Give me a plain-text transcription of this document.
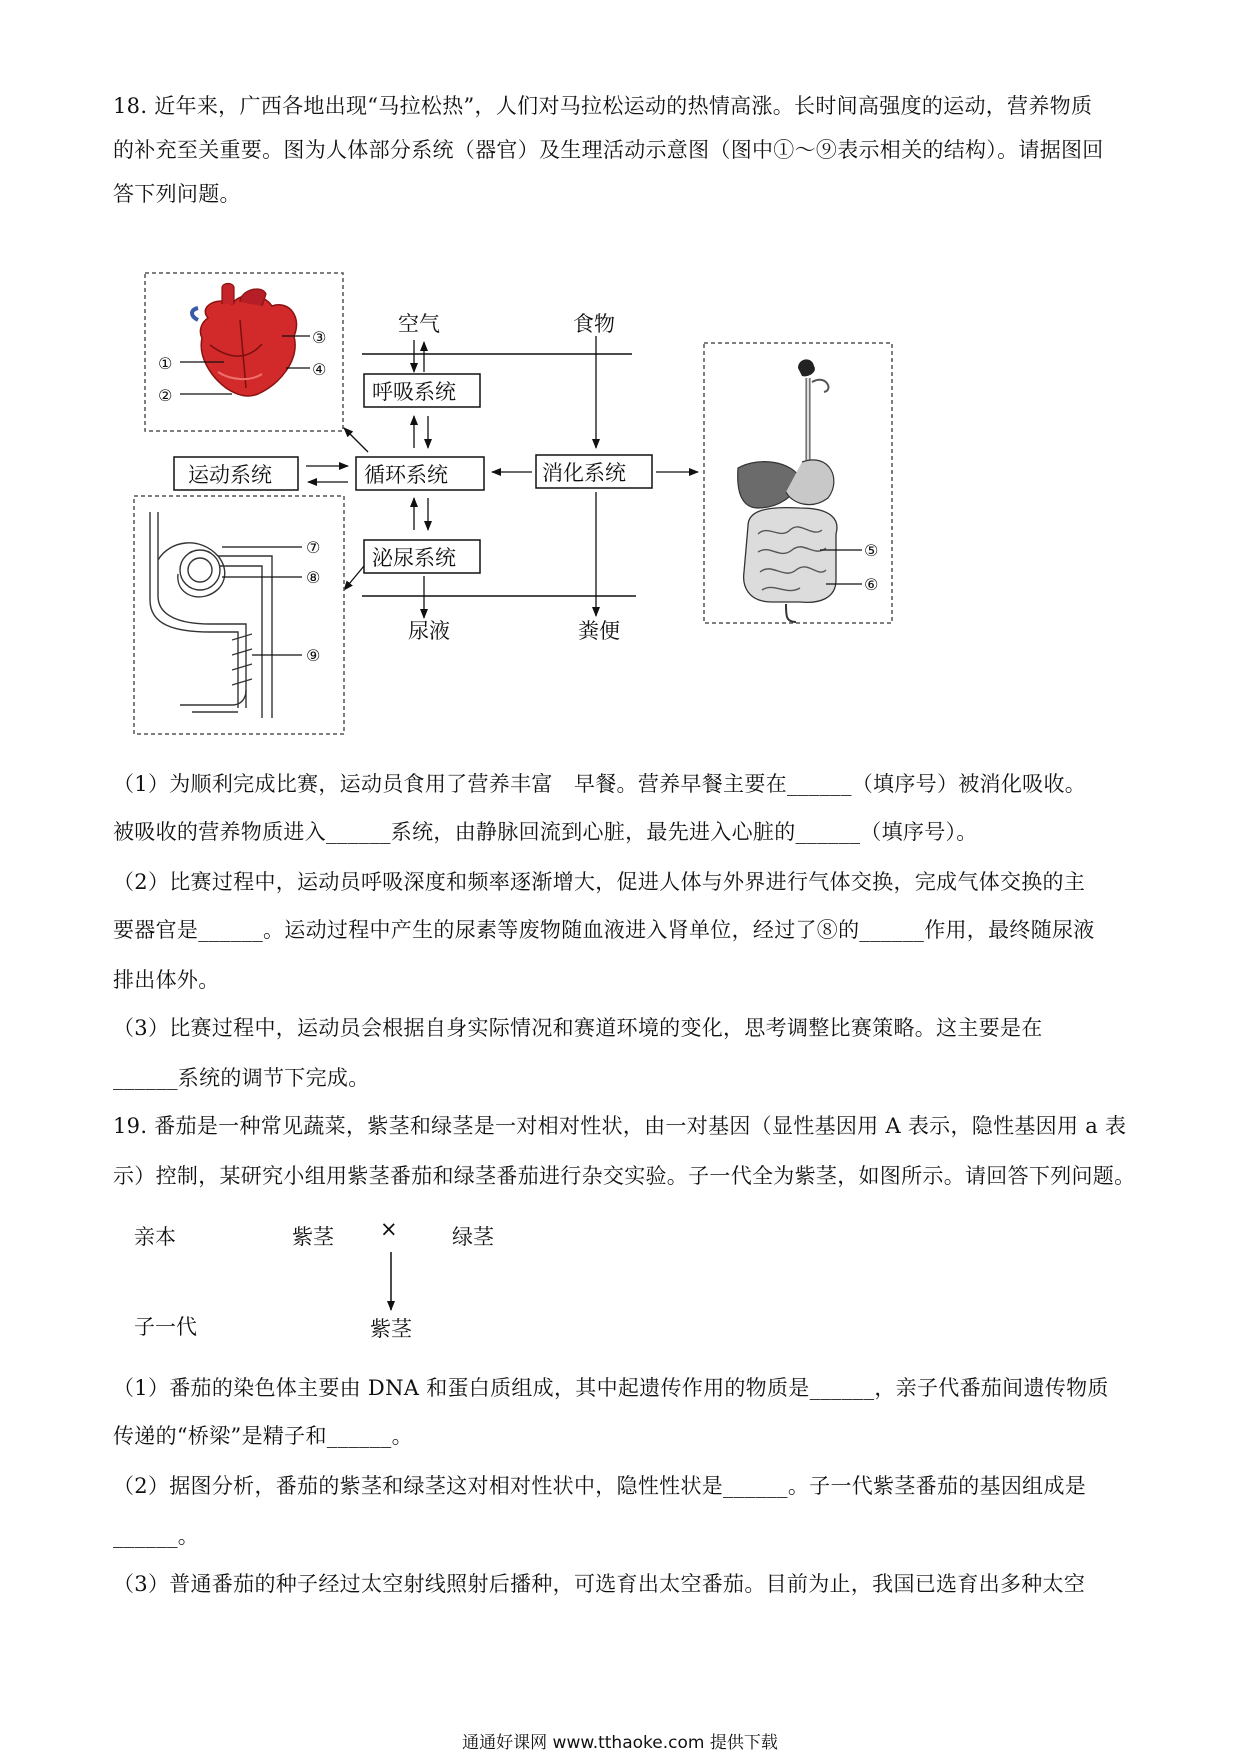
18. 近年来，广西各地出现“马拉松热”，人们对马拉松运动的热情高涨。长时间高强度的运动，营养物质
的补充至关重要。图为人体部分系统（器官）及生理活动示意图（图中①～⑨表示相关的结构）。请据图回
答下列问题。
①
②
③
④
空气	食物
呼吸系统
运动系统	循环系统	消化系统
泌尿系统
尿液	粪便
⑦
⑧
⑨
⑤
⑥
（1）为顺利完成比赛，运动员食用了营养丰富　早餐。营养早餐主要在______（填序号）被消化吸收。
被吸收的营养物质进入______系统，由静脉回流到心脏，最先进入心脏的______（填序号）。
（2）比赛过程中，运动员呼吸深度和频率逐渐增大，促进人体与外界进行气体交换，完成气体交换的主
要器官是______。运动过程中产生的尿素等废物随血液进入肾单位，经过了⑧的______作用，最终随尿液
排出体外。
（3）比赛过程中，运动员会根据自身实际情况和赛道环境的变化，思考调整比赛策略。这主要是在
______系统的调节下完成。
19. 番茄是一种常见蔬菜，紫茎和绿茎是一对相对性状，由一对基因（显性基因用 A 表示，隐性基因用 a 表
示）控制，某研究小组用紫茎番茄和绿茎番茄进行杂交实验。子一代全为紫茎，如图所示。请回答下列问题。
亲本	紫茎 ×	绿茎
子一代	紫茎
（1）番茄的染色体主要由 DNA 和蛋白质组成，其中起遗传作用的物质是______，亲子代番茄间遗传物质
传递的“桥梁”是精子和______。
（2）据图分析，番茄的紫茎和绿茎这对相对性状中，隐性性状是______。子一代紫茎番茄的基因组成是
______。
（3）普通番茄的种子经过太空射线照射后播种，可选育出太空番茄。目前为止，我国已选育出多种太空
通通好课网 www.tthaoke.com 提供下载
